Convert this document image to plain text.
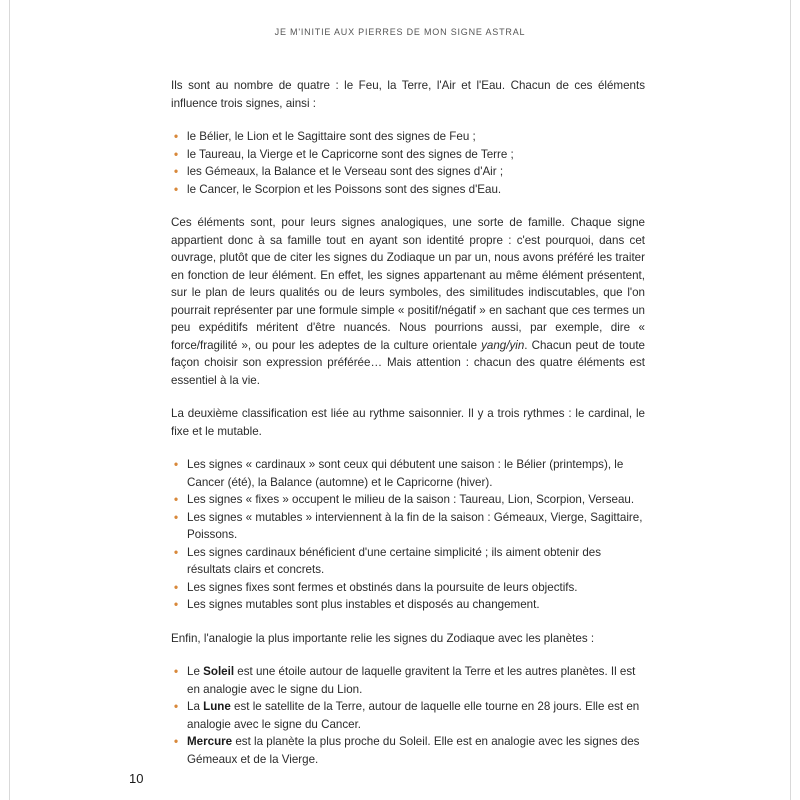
JE M'INITIE AUX PIERRES DE MON SIGNE ASTRAL

Ils sont au nombre de quatre : le Feu, la Terre, l'Air et l'Eau. Chacun de ces éléments influence trois signes, ainsi :

• le Bélier, le Lion et le Sagittaire sont des signes de Feu ;
• le Taureau, la Vierge et le Capricorne sont des signes de Terre ;
• les Gémeaux, la Balance et le Verseau sont des signes d'Air ;
• le Cancer, le Scorpion et les Poissons sont des signes d'Eau.

Ces éléments sont, pour leurs signes analogiques, une sorte de famille. Chaque signe appartient donc à sa famille tout en ayant son identité propre : c'est pourquoi, dans cet ouvrage, plutôt que de citer les signes du Zodiaque un par un, nous avons préféré les traiter en fonction de leur élément. En effet, les signes appartenant au même élément présentent, sur le plan de leurs qualités ou de leurs symboles, des similitudes indiscutables, que l'on pourrait représenter par une formule simple « positif/négatif » en sachant que ces termes un peu expéditifs méritent d'être nuancés. Nous pourrions aussi, par exemple, dire « force/fragilité », ou pour les adeptes de la culture orientale yang/yin. Chacun peut de toute façon choisir son expression préférée… Mais attention : chacun des quatre éléments est essentiel à la vie.

La deuxième classification est liée au rythme saisonnier. Il y a trois rythmes : le cardinal, le fixe et le mutable.

• Les signes « cardinaux » sont ceux qui débutent une saison : le Bélier (printemps), le Cancer (été), la Balance (automne) et le Capricorne (hiver).
• Les signes « fixes » occupent le milieu de la saison : Taureau, Lion, Scorpion, Verseau.
• Les signes « mutables » interviennent à la fin de la saison : Gémeaux, Vierge, Sagittaire, Poissons.
• Les signes cardinaux bénéficient d'une certaine simplicité ; ils aiment obtenir des résultats clairs et concrets.
• Les signes fixes sont fermes et obstinés dans la poursuite de leurs objectifs.
• Les signes mutables sont plus instables et disposés au changement.

Enfin, l'analogie la plus importante relie les signes du Zodiaque avec les planètes :

• Le Soleil est une étoile autour de laquelle gravitent la Terre et les autres planètes. Il est en analogie avec le signe du Lion.
• La Lune est le satellite de la Terre, autour de laquelle elle tourne en 28 jours. Elle est en analogie avec le signe du Cancer.
• Mercure est la planète la plus proche du Soleil. Elle est en analogie avec les signes des Gémeaux et de la Vierge.
10
